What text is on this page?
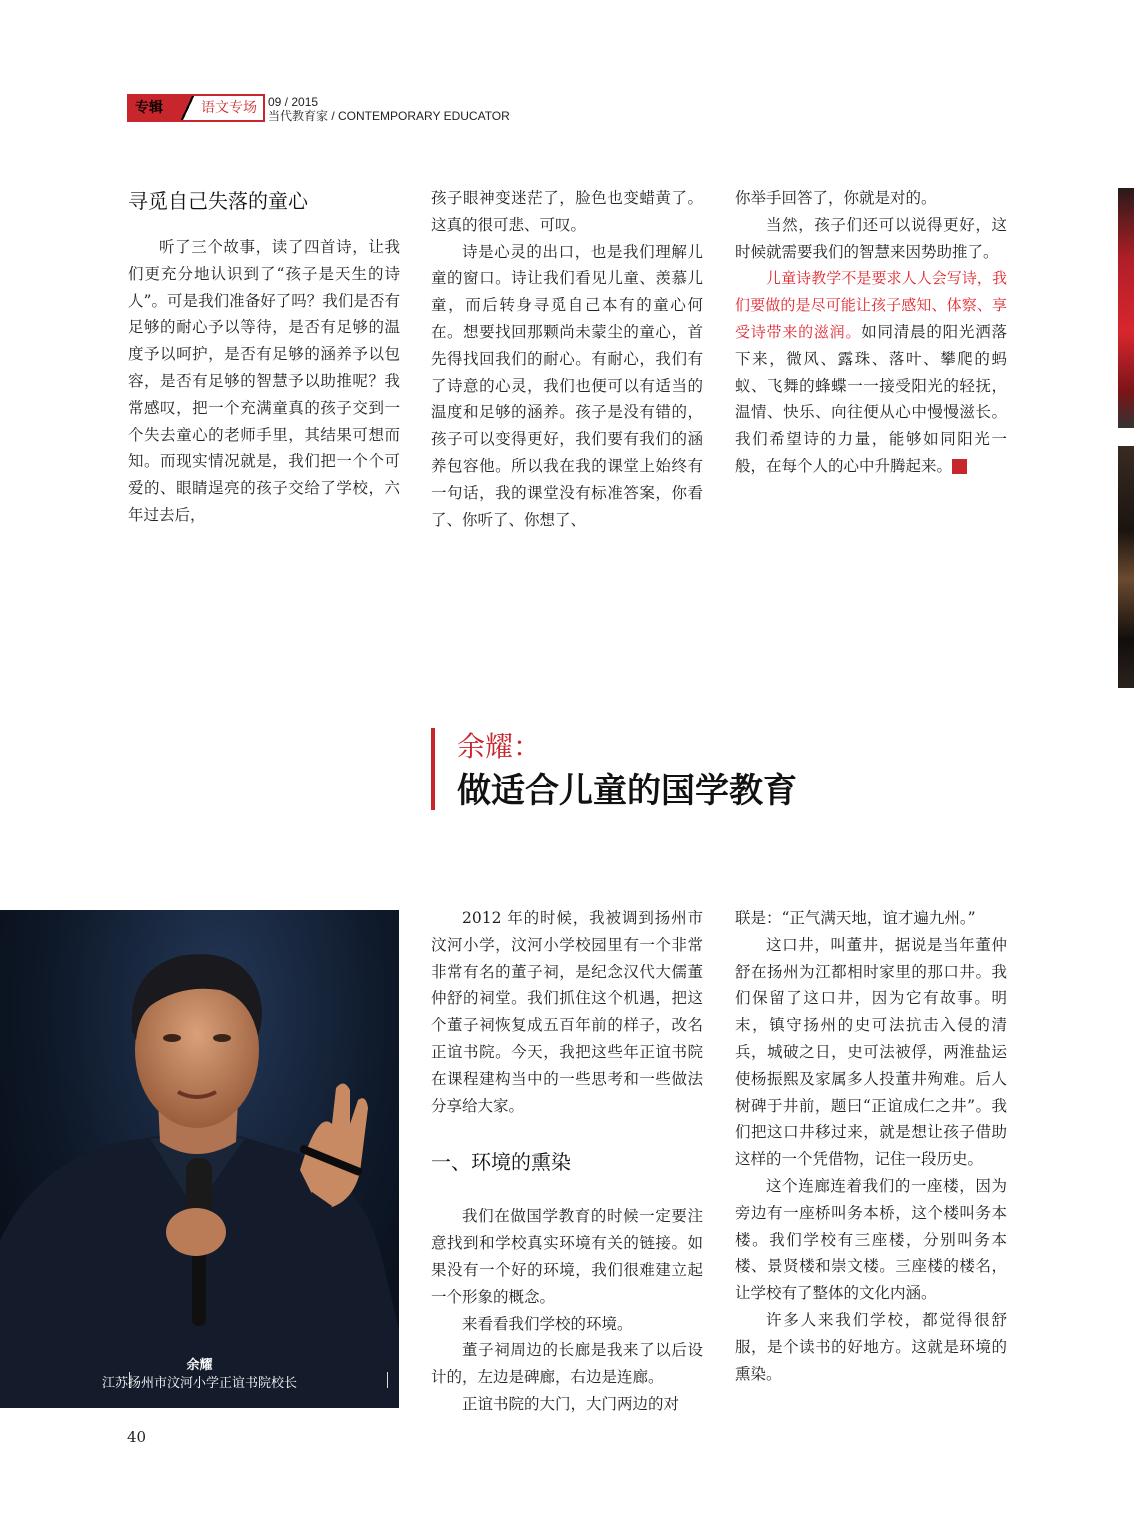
专辑	语文专场 09 / 2015
当代教育家 / CONTEMPORARY EDUCATOR
寻觅自己失落的童心

听了三个故事，读了四首诗，让我们更充分地认识到了“孩子是天生的诗人”。可是我们准备好了吗？我们是否有足够的耐心予以等待，是否有足够的温度予以呵护，是否有足够的涵养予以包容，是否有足够的智慧予以助推呢？我常感叹，把一个充满童真的孩子交到一个失去童心的老师手里，其结果可想而知。而现实情况就是，我们把一个个可爱的、眼睛逞亮的孩子交给了学校，六年过去后，

孩子眼神变迷茫了，脸色也变蜡黄了。这真的很可悲、可叹。

诗是心灵的出口，也是我们理解儿童的窗口。诗让我们看见儿童、羡慕儿童，而后转身寻觅自己本有的童心何在。想要找回那颗尚未蒙尘的童心，首先得找回我们的耐心。有耐心，我们有了诗意的心灵，我们也便可以有适当的温度和足够的涵养。孩子是没有错的，孩子可以变得更好，我们要有我们的涵养包容他。所以我在我的课堂上始终有一句话，我的课堂没有标准答案，你看了、你听了、你想了、

你举手回答了，你就是对的。

当然，孩子们还可以说得更好，这时候就需要我们的智慧来因势助推了。

儿童诗教学不是要求人人会写诗，我们要做的是尽可能让孩子感知、体察、享受诗带来的滋润。如同清晨的阳光洒落下来，微风、露珠、落叶、攀爬的蚂蚁、飞舞的蜂蝶一一接受阳光的轻抚，温情、快乐、向往便从心中慢慢滋长。我们希望诗的力量，能够如同阳光一般，在每个人的心中升腾起来。	家

余耀：
做适合儿童的国学教育
余耀
江苏扬州市汶河小学正谊书院校长

2012 年的时候，我被调到扬州市汶河小学，汶河小学校园里有一个非常非常有名的董子祠，是纪念汉代大儒董仲舒的祠堂。我们抓住这个机遇，把这个董子祠恢复成五百年前的样子，改名正谊书院。今天，我把这些年正谊书院在课程建构当中的一些思考和一些做法分享给大家。

一、环境的熏染

我们在做国学教育的时候一定要注意找到和学校真实环境有关的链接。如果没有一个好的环境，我们很难建立起一个形象的概念。

来看看我们学校的环境。

董子祠周边的长廊是我来了以后设计的，左边是碑廊，右边是连廊。

正谊书院的大门，大门两边的对

联是：“正气满天地，谊才遍九州。”

这口井，叫董井，据说是当年董仲舒在扬州为江都相时家里的那口井。我们保留了这口井，因为它有故事。明末，镇守扬州的史可法抗击入侵的清兵，城破之日，史可法被俘，两淮盐运使杨振熙及家属多人投董井殉难。后人树碑于井前，题曰“正谊成仁之井”。我们把这口井移过来，就是想让孩子借助这样的一个凭借物，记住一段历史。

这个连廊连着我们的一座楼，因为旁边有一座桥叫务本桥，这个楼叫务本楼。我们学校有三座楼，分别叫务本楼、景贤楼和崇文楼。三座楼的楼名，让学校有了整体的文化内涵。

许多人来我们学校，都觉得很舒服，是个读书的好地方。这就是环境的熏染。

40
